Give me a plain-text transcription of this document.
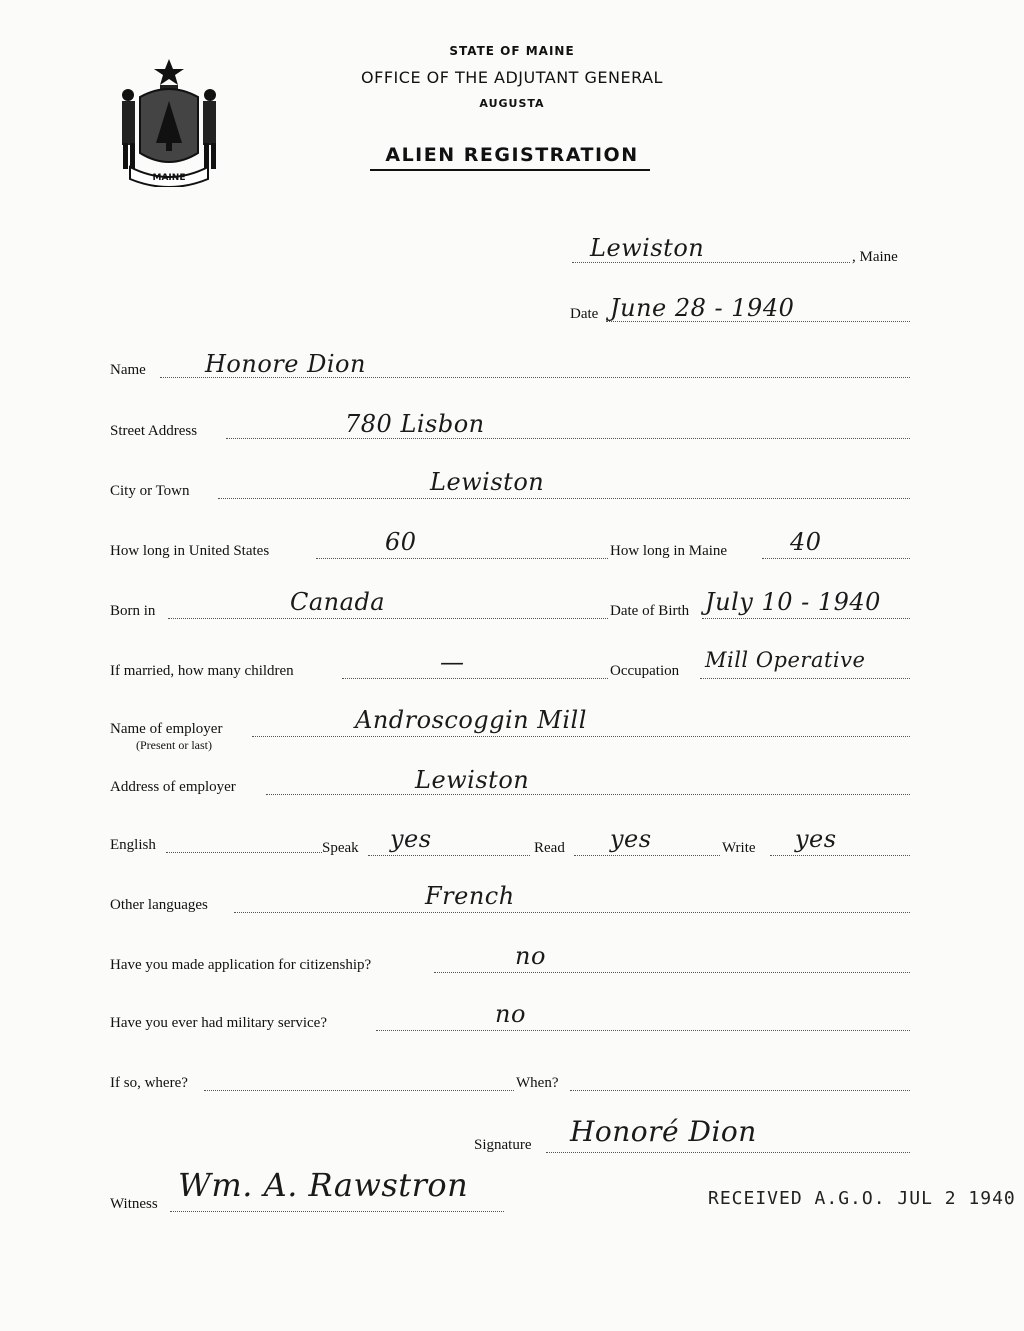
STATE OF MAINE
OFFICE OF THE ADJUTANT GENERAL
AUGUSTA
ALIEN REGISTRATION
MAINE
Lewiston	, Maine
Date June 28 - 1940
Name Honore Dion
Street Address	780 Lisbon
City or Town	Lewiston
How long in United States	60	How long in Maine	40
Born in	Canada	Date of Birth July 10 - 1940
If married, how many children	—	Occupation Mill Operative
Name of employer
(Present or last)
Androscoggin Mill
Address of employer	Lewiston
English	Speak yes	Read yes	Write yes
Other languages	French
Have you made application for citizenship?	no
Have you ever had military service?	no
If so, where?	When?
Signature Honoré Dion
Witness Wm. A. Rawstron	RECEIVED A.G.O. JUL 2 1940
